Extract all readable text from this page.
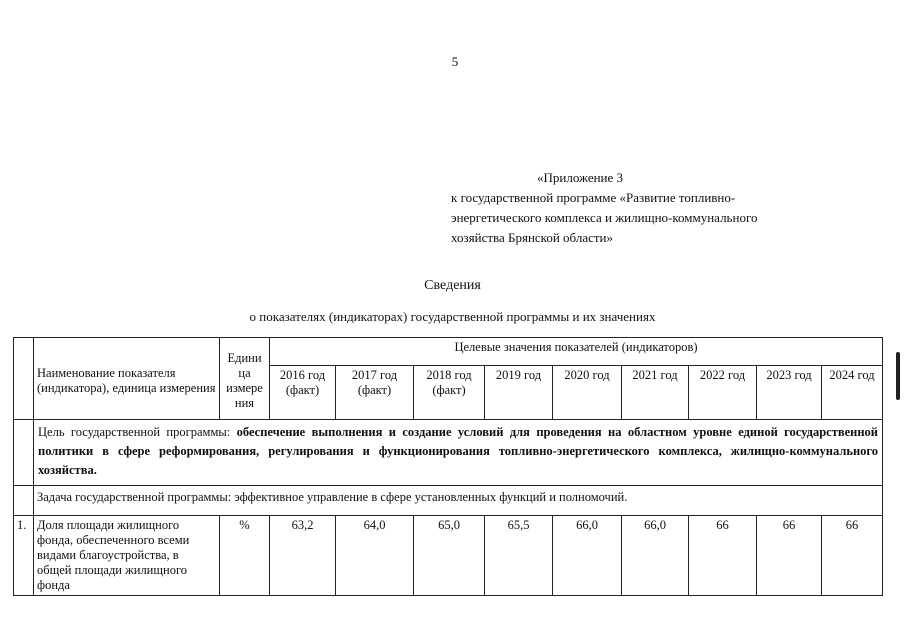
5
«Приложение 3
к государственной программе «Развитие топливно-
энергетического комплекса и жилищно-коммунального
хозяйства Брянской области»
Сведения
о показателях (индикаторах) государственной программы и их значениях
	Наименование показателя (индикатора), единица измерения	Едини ца измере ния	Целевые значения показателей (индикаторов)								
			2016 год (факт)	2017 год (факт)	2018 год (факт)	2019 год	2020 год	2021 год	2022 год	2023 год	2024 год
	Цель государственной программы: обеспечение выполнения и создание условий для проведения на областном уровне единой государственной политики в сфере реформирования, регулирования и функционирования топливно-энергетического комплекса, жилищно-коммунального хозяйства.										
	Задача государственной программы: эффективное управление в сфере установленных функций и полномочий.										
1.	Доля площади жилищного фонда, обеспеченного всеми видами благоустройства, в общей площади жилищного фонда	%	63,2	64,0	65,0	65,5	66,0	66,0	66	66	66
